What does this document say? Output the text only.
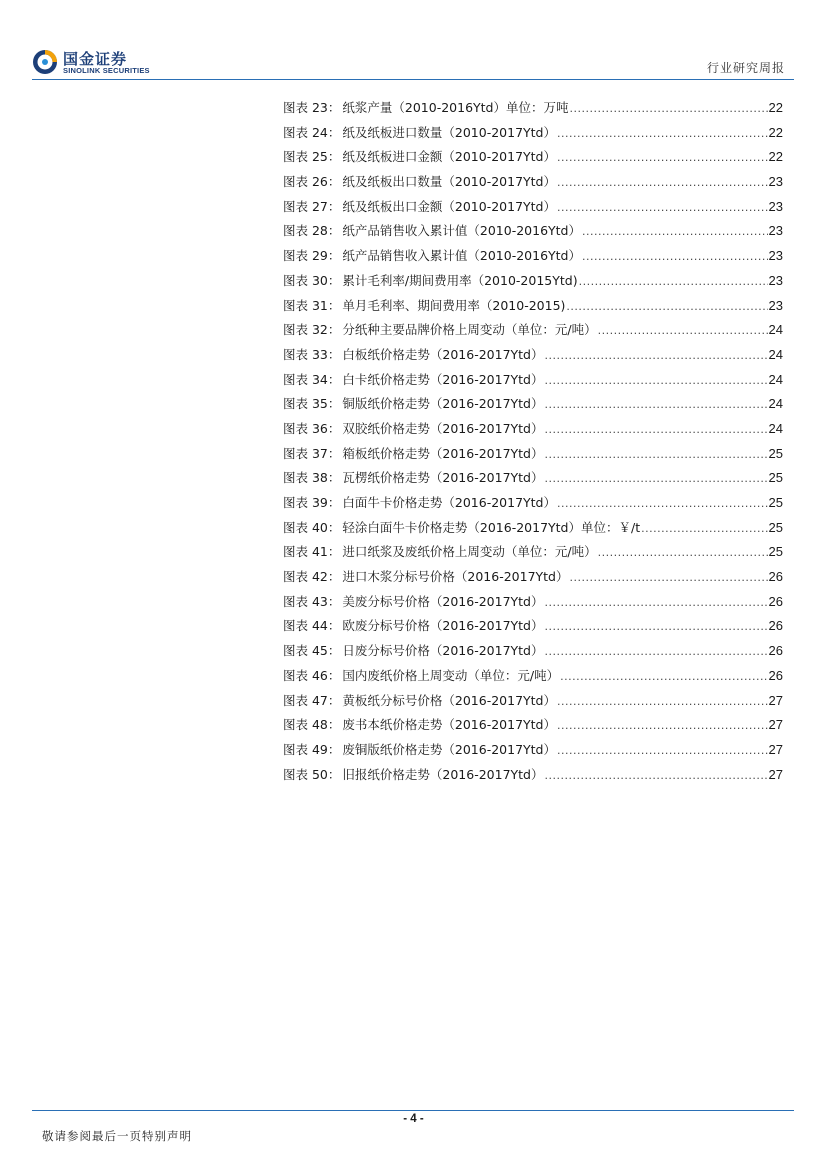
国金证券
SINOLINK SECURITIES	行业研究周报
图表 23： 纸浆产量（2010-2016Ytd）单位：万吨 .....	22
图表 24： 纸及纸板进口数量（2010-2017Ytd） .....	22
图表 25： 纸及纸板进口金额（2010-2017Ytd） .....	22
图表 26： 纸及纸板出口数量（2010-2017Ytd） .....	23
图表 27： 纸及纸板出口金额（2010-2017Ytd） .....	23
图表 28： 纸产品销售收入累计值（2010-2016Ytd） .....	23
图表 29： 纸产品销售收入累计值（2010-2016Ytd） .....	23
图表 30： 累计毛利率/期间费用率（2010-2015Ytd) .....	23
图表 31： 单月毛利率、期间费用率（2010-2015) .....	23
图表 32： 分纸种主要品牌价格上周变动（单位：元/吨） .....	24
图表 33： 白板纸价格走势（2016-2017Ytd） .....	24
图表 34： 白卡纸价格走势（2016-2017Ytd） .....	24
图表 35： 铜版纸价格走势（2016-2017Ytd） .....	24
图表 36： 双胶纸价格走势（2016-2017Ytd） .....	24
图表 37： 箱板纸价格走势（2016-2017Ytd） .....	25
图表 38： 瓦楞纸价格走势（2016-2017Ytd） .....	25
图表 39： 白面牛卡价格走势（2016-2017Ytd） .....	25
图表 40： 轻涂白面牛卡价格走势（2016-2017Ytd）单位：￥/t .....	25
图表 41： 进口纸浆及废纸价格上周变动（单位：元/吨） .....	25
图表 42： 进口木浆分标号价格（2016-2017Ytd） .....	26
图表 43： 美废分标号价格（2016-2017Ytd） .....	26
图表 44： 欧废分标号价格（2016-2017Ytd） .....	26
图表 45： 日废分标号价格（2016-2017Ytd） .....	26
图表 46： 国内废纸价格上周变动（单位：元/吨） .....	26
图表 47： 黄板纸分标号价格（2016-2017Ytd） .....	27
图表 48： 废书本纸价格走势（2016-2017Ytd） .....	27
图表 49： 废铜版纸价格走势（2016-2017Ytd） .....	27
图表 50： 旧报纸价格走势（2016-2017Ytd） .....	27
- 4 -
敬请参阅最后一页特别声明
